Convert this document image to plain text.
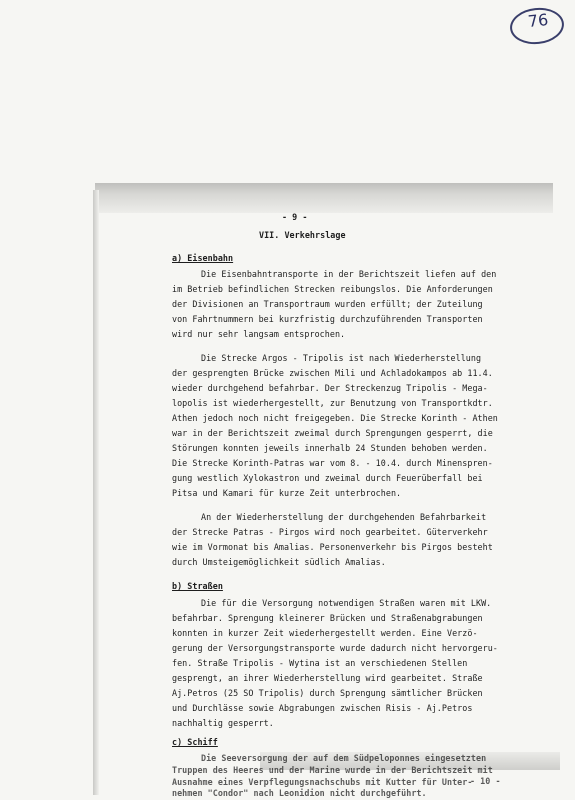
76
- 9 -
VII. Verkehrslage
a) Eisenbahn
Die Eisenbahntransporte in der Berichtszeit liefen auf den
im Betrieb befindlichen Strecken reibungslos. Die Anforderungen
der Divisionen an Transportraum wurden erfüllt; der Zuteilung
von Fahrtnummern bei kurzfristig durchzuführenden Transporten
wird nur sehr langsam entsprochen.
Die Strecke Argos - Tripolis ist nach Wiederherstellung
der gesprengten Brücke zwischen Mili und Achladokampos ab 11.4.
wieder durchgehend befahrbar. Der Streckenzug Tripolis - Mega-
lopolis ist wiederhergestellt, zur Benutzung von Transportkdtr.
Athen jedoch noch nicht freigegeben. Die Strecke Korinth - Athen
war in der Berichtszeit zweimal durch Sprengungen gesperrt, die
Störungen konnten jeweils innerhalb 24 Stunden behoben werden.
Die Strecke Korinth-Patras war vom 8. - 10.4. durch Minenspren-
gung westlich Xylokastron und zweimal durch Feuerüberfall bei
Pitsa und Kamari für kurze Zeit unterbrochen.
An der Wiederherstellung der durchgehenden Befahrbarkeit
der Strecke Patras - Pirgos wird noch gearbeitet. Güterverkehr
wie im Vormonat bis Amalias. Personenverkehr bis Pirgos besteht
durch Umsteigemöglichkeit südlich Amalias.
b) Straßen
Die für die Versorgung notwendigen Straßen waren mit LKW.
befahrbar. Sprengung kleinerer Brücken und Straßenabgrabungen
konnten in kurzer Zeit wiederhergestellt werden. Eine Verzö-
gerung der Versorgungstransporte wurde dadurch nicht hervorgeru-
fen. Straße Tripolis - Wytina ist an verschiedenen Stellen
gesprengt, an ihrer Wiederherstellung wird gearbeitet. Straße
Aj.Petros (25 SO Tripolis) durch Sprengung sämtlicher Brücken
und Durchlässe sowie Abgrabungen zwischen Risis - Aj.Petros
nachhaltig gesperrt.
c) Schiff
Die Seeversorgung der auf dem Südpeloponnes eingesetzten
Truppen des Heeres und der Marine wurde in der Berichtszeit mit
Ausnahme eines Verpflegungsnachschubs mit Kutter für Unter-
nehmen "Condor" nach Leonidion nicht durchgeführt.
- 10 -
